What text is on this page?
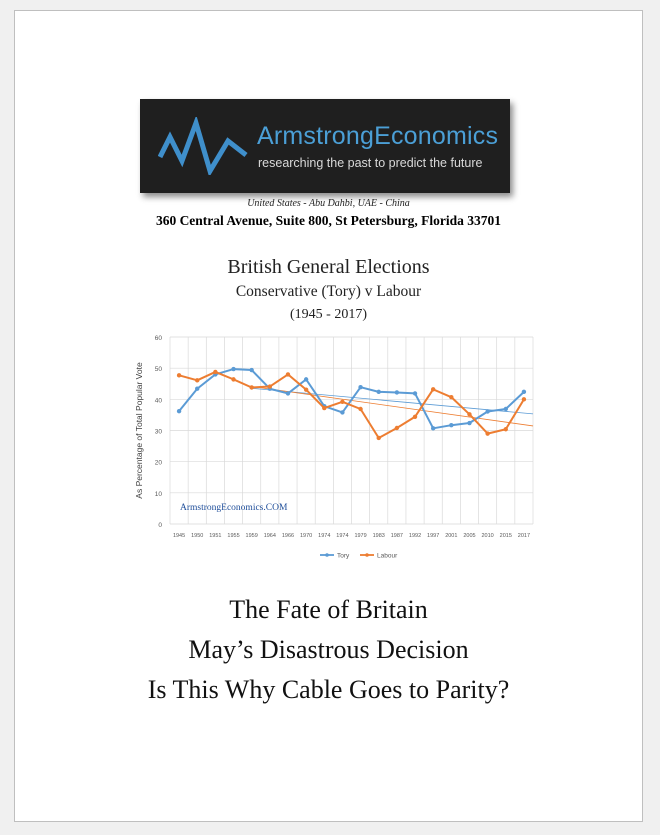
ArmstrongEconomics
researching the past to predict the future
United States - Abu Dahbi, UAE - China
360 Central Avenue, Suite 800, St Petersburg, Florida 33701
British General Elections
Conservative (Tory) v Labour
(1945 - 2017)
0
10
20
30
40
50
60
1945 1950 1951 1955 1959 1964 1966 1970 1974 1974 1979 1983 1987 1992 1997 2001 2005 2010 2015 2017
As Percentage of Total Popular Vote
ArmstrongEconomics.COM
Tory	Labour
The Fate of Britain
May’s Disastrous Decision
Is This Why Cable Goes to Parity?
